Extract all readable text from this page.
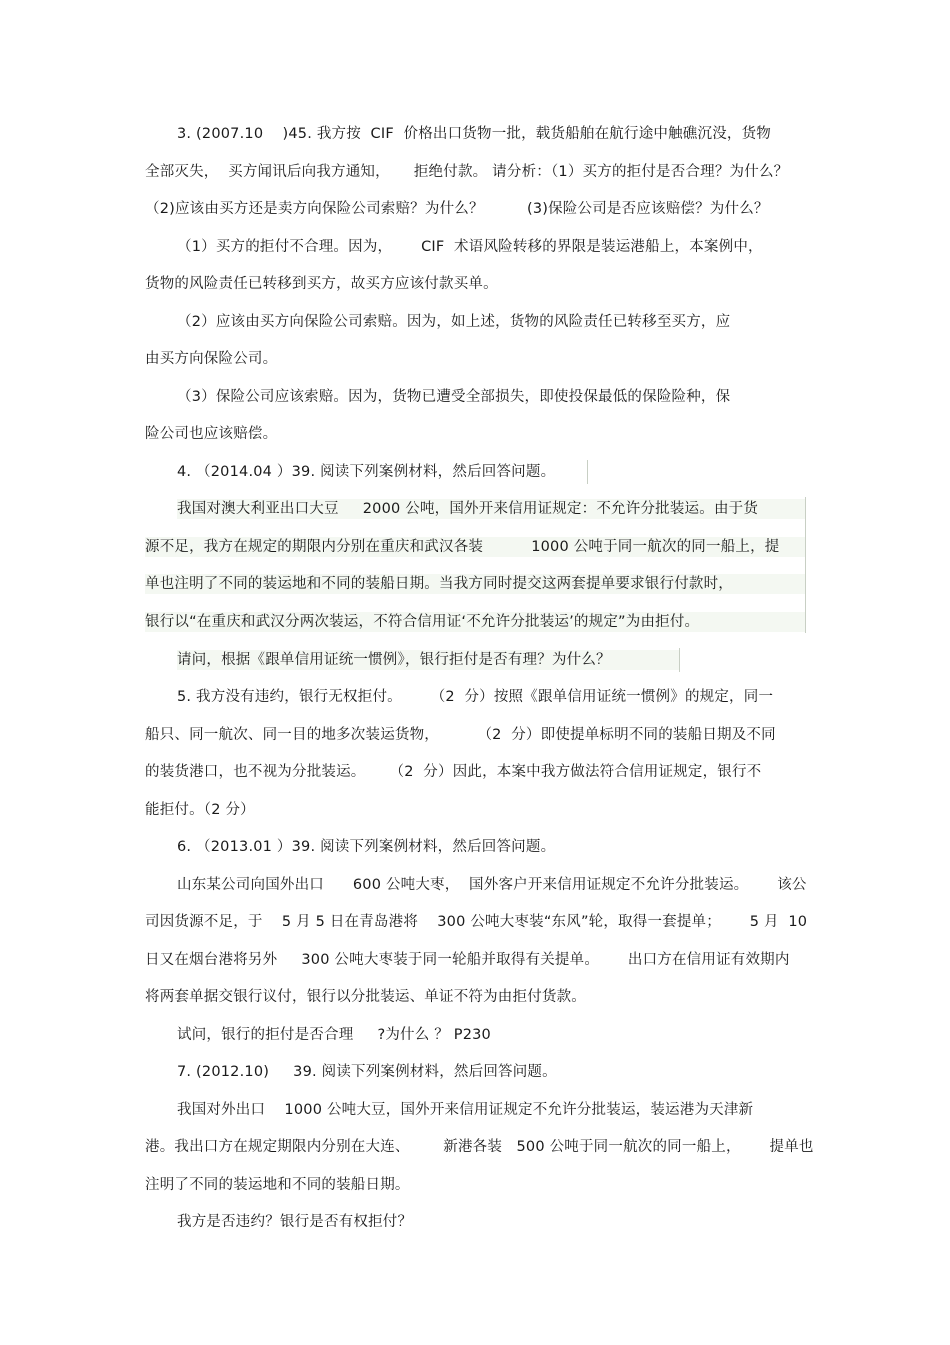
3. (2007.10    )45. 我方按  CIF  价格出口货物一批，载货船舶在航行途中触礁沉没，货物
全部灭失，  买方闻讯后向我方通知，     拒绝付款。 请分析：（1）买方的拒付是否合理？为什么？
（2)应该由买方还是卖方向保险公司索赔？为什么？         (3)保险公司是否应该赔偿？为什么？
（1）买方的拒付不合理。因为，      CIF  术语风险转移的界限是装运港船上，本案例中，
货物的风险责任已转移到买方，故买方应该付款买单。
（2）应该由买方向保险公司索赔。因为，如上述，货物的风险责任已转移至买方，应
由买方向保险公司。
（3）保险公司应该索赔。因为，货物已遭受全部损失，即使投保最低的保险险种，保
险公司也应该赔偿。
4. （2014.04 ）39. 阅读下列案例材料，然后回答问题。
我国对澳大利亚出口大豆     2000 公吨，国外开来信用证规定：不允许分批装运。由于货
源不足，我方在规定的期限内分别在重庆和武汉各装          1000 公吨于同一航次的同一船上，提
单也注明了不同的装运地和不同的装船日期。当我方同时提交这两套提单要求银行付款时，
银行以“在重庆和武汉分两次装运，不符合信用证‘不允许分批装运’的规定”为由拒付。
请问，根据《跟单信用证统一惯例》，银行拒付是否有理？为什么？
5. 我方没有违约，银行无权拒付。      （2  分）按照《跟单信用证统一惯例》的规定，同一
船只、同一航次、同一目的地多次装运货物，        （2  分）即使提单标明不同的装船日期及不同
的装货港口，也不视为分批装运。     （2  分）因此，本案中我方做法符合信用证规定，银行不
能拒付。（2 分）
6. （2013.01 ）39. 阅读下列案例材料，然后回答问题。
山东某公司向国外出口      600 公吨大枣，  国外客户开来信用证规定不允许分批装运。      该公
司因货源不足，于    5 月 5 日在青岛港将    300 公吨大枣装“东风”轮，取得一套提单；      5 月  10
日又在烟台港将另外     300 公吨大枣装于同一轮船并取得有关提单。      出口方在信用证有效期内
将两套单据交银行议付，银行以分批装运、单证不符为由拒付货款。
试问，银行的拒付是否合理     ?为什么 ？ P230
7. (2012.10)     39. 阅读下列案例材料，然后回答问题。
我国对外出口    1000 公吨大豆，国外开来信用证规定不允许分批装运，装运港为天津新
港。我出口方在规定期限内分别在大连、       新港各装   500 公吨于同一航次的同一船上，      提单也
注明了不同的装运地和不同的装船日期。
我方是否违约？银行是否有权拒付？
